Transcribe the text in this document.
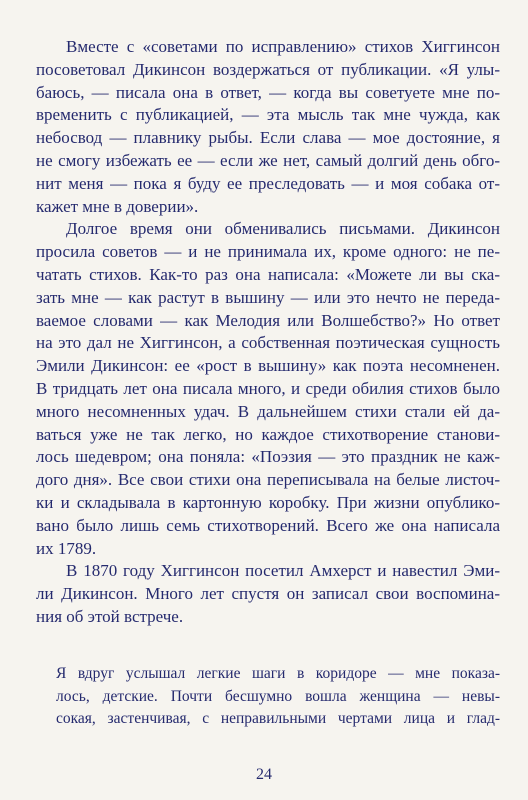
Вместе с «советами по исправлению» стихов Хиггинсон
посоветовал Дикинсон воздержаться от публикации. «Я улы-
баюсь, — писала она в ответ, — когда вы советуете мне по-
временить с публикацией, — эта мысль так мне чужда, как
небосвод — плавнику рыбы. Если слава — мое достояние, я
не смогу избежать ее — если же нет, самый долгий день обго-
нит меня — пока я буду ее преследовать — и моя собака от-
кажет мне в доверии».
Долгое время они обменивались письмами. Дикинсон
просила советов — и не принимала их, кроме одного: не пе-
чатать стихов. Как-то раз она написала: «Можете ли вы ска-
зать мне — как растут в вышину — или это нечто не передa-
ваемое словами — как Мелодия или Волшебство?» Но ответ
на это дал не Хиггинсон, а собственная поэтическая сущность
Эмили Дикинсон: ее «рост в вышину» как поэта несомненен.
В тридцать лет она писала много, и среди обилия стихов было
много несомненных удач. В дальнейшем стихи стали ей да-
ваться уже не так легко, но каждое стихотворение станови-
лось шедевром; она поняла: «Поэзия — это праздник не каж-
дого дня». Все свои стихи она переписывала на белые листоч-
ки и складывала в картонную коробку. При жизни опублико-
вано было лишь семь стихотворений. Всего же она написала
их 1789.
В 1870 году Хиггинсон посетил Амхерст и навестил Эми-
ли Дикинсон. Много лет спустя он записал свои воспомина-
ния об этой встрече.
Я вдруг услышал легкие шаги в коридоре — мне показа-
лось, детские. Почти бесшумно вошла женщина — невы-
сокая, застенчивая, с неправильными чертами лица и глад-
24
